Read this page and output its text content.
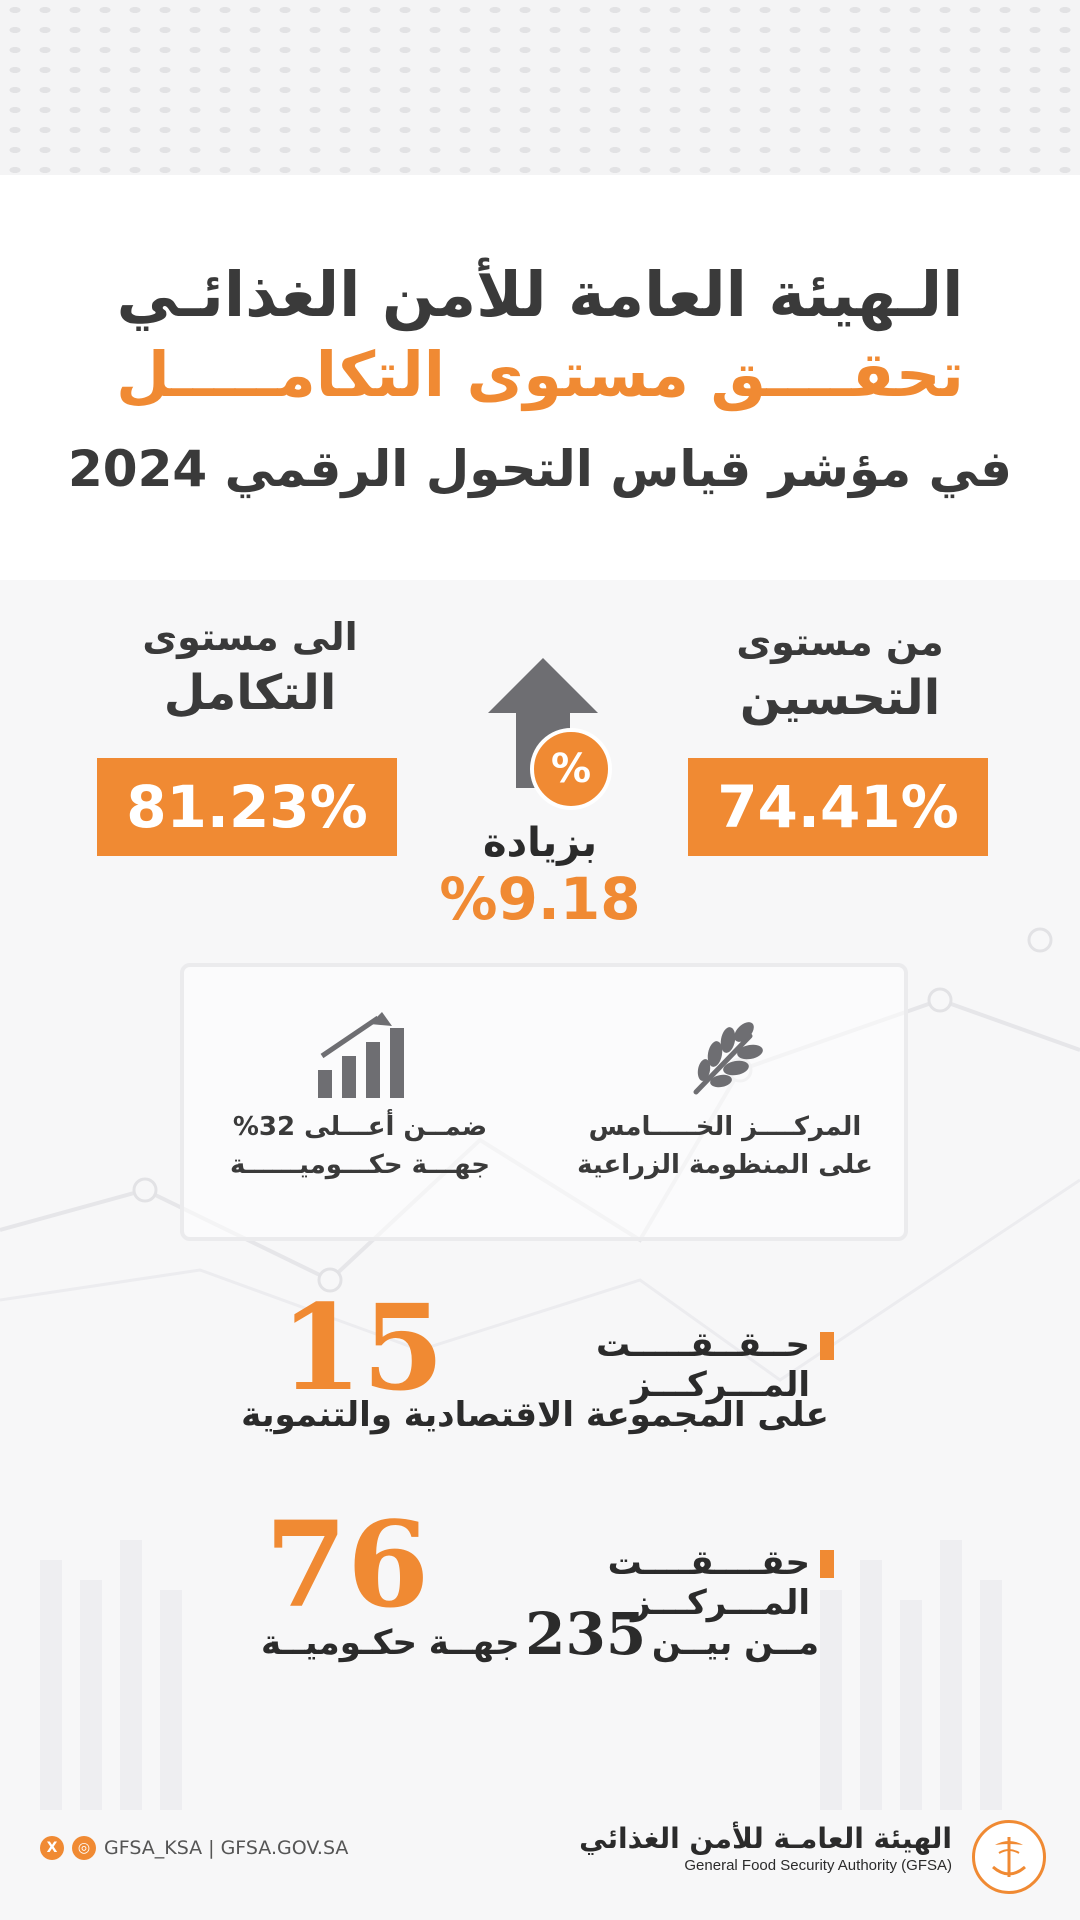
الـهيئة العامة للأمن الغذائـي
تحقــــق مستوى التكامـــــل
في مؤشر قياس التحول الرقمي 2024
من مستوى
التحسين
الى مستوى
التكامل
74.41%
81.23%
%
بزيادة
%9.18
المركــــز الخـــــامس
على المنظومة الزراعية
ضمــن أعـــلى 32%
جهـــة حكـــوميــــــة
حــقــقـــــت المـــركـــز
15
على المجموعة الاقتصادية والتنموية
حقــــقــــت المـــركـــز
76
مــن بيــن 235 جهــة حكـوميــة
X	◎ GFSA_KSA | GFSA.GOV.SA	الهيئة العامـة للأمن الغذائي
General Food Security Authority (GFSA)
